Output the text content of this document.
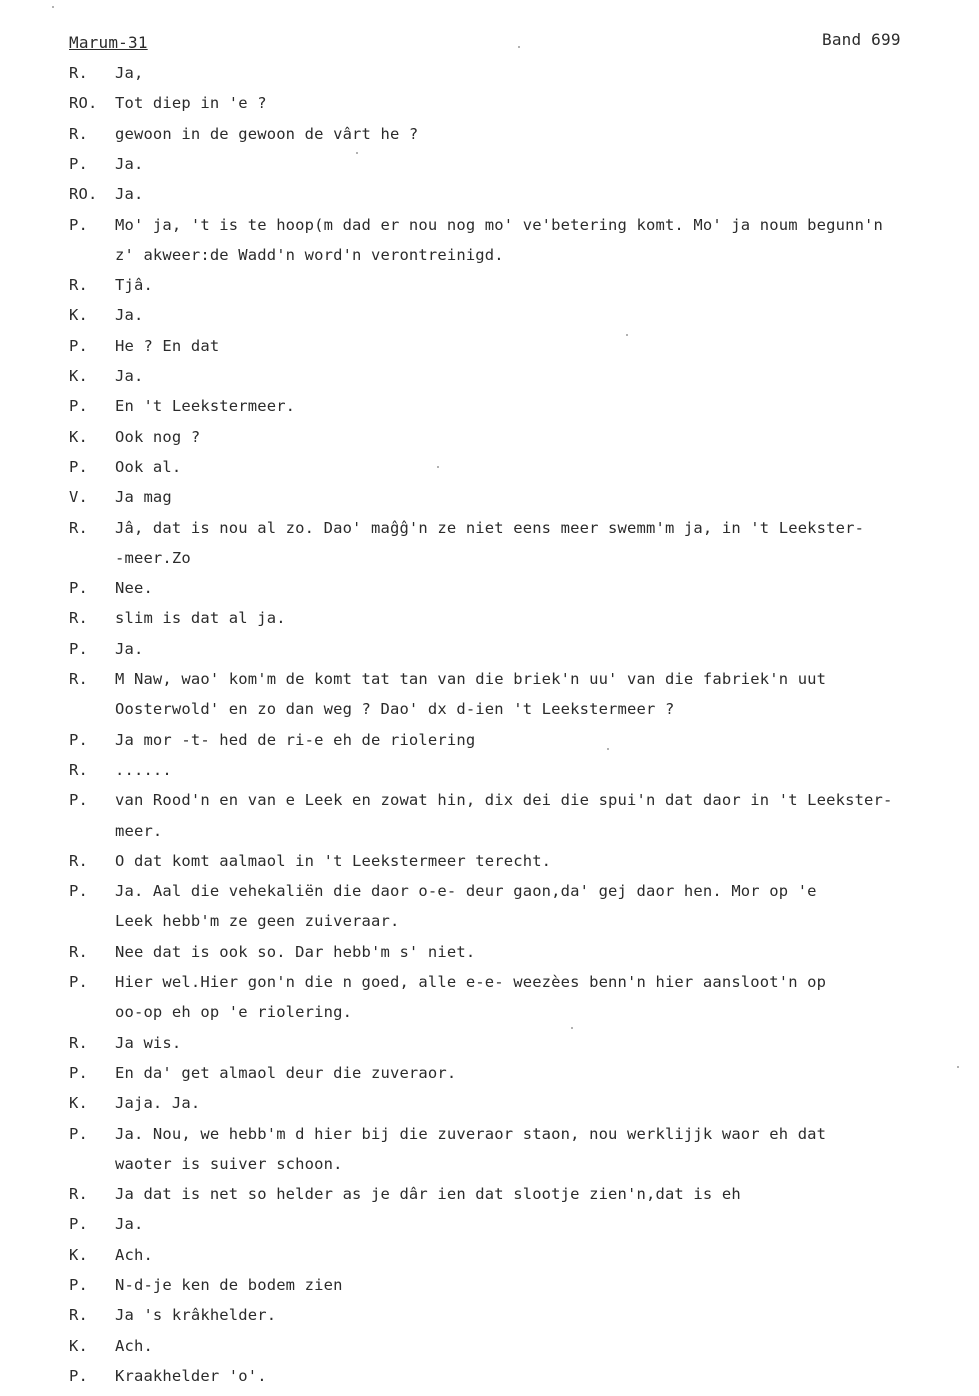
Marum-31	Band 699
R.	Ja,
RO.	Tot diep in 'e ?
R.	gewoon in de gewoon de vârt he ?
P.	Ja.
RO.	Ja.
P.	Mo' ja, 't is te hoop(m dad er nou nog mo' ve'betering komt. Mo' ja noum begunn'n
z' akweer:de Wadd'n word'n verontreinigd.
R.	Tjâ.
K.	Ja.
P.	He ? En dat
K.	Ja.
P.	En 't Leekstermeer.
K.	Ook nog ?
P.	Ook al.
V.	Ja mag
R.	Jâ, dat is nou al zo. Dao' maĝĝ'n ze niet eens meer swemm'm ja, in 't Leekster-
-meer.Zo
P.	Nee.
R.	slim is dat al ja.
P.	Ja.
R.	M Naw, wao' kom'm de komt tat tan van die briek'n uu' van die fabriek'n uut
Oosterwold' en zo dan weg ? Dao' dx d-ien 't Leekstermeer ?
P.	Ja mor -t- hed de ri-e eh de riolering
R.	......
P.	van Rood'n en van e Leek en zowat hin, dix dei die spui'n dat daor in 't Leekster-
meer.
R.	O dat komt aalmaol in 't Leekstermeer terecht.
P.	Ja. Aal die vehekaliën die daor o-e- deur gaon,da' gej daor hen. Mor op 'e
Leek hebb'm ze geen zuiveraar.
R.	Nee dat is ook so. Dar hebb'm s' niet.
P.	Hier wel.Hier gon'n die n goed, alle e-e- weezèes benn'n hier aansloot'n op
oo-op eh op 'e riolering.
R.	Ja wis.
P.	En da' get almaol deur die zuveraor.
K.	Jaja. Ja.
P.	Ja. Nou, we hebb'm d hier bij die zuveraor staon, nou werklijjk waor eh dat
waoter is suiver schoon.
R.	Ja dat is net so helder as je dâr ien dat slootje zien'n,dat is eh
P.	Ja.
K.	Ach.
P.	N-d-je ken de bodem zien
R.	Ja 's krâkhelder.
K.	Ach.
P.	Kraakhelder 'o'.
